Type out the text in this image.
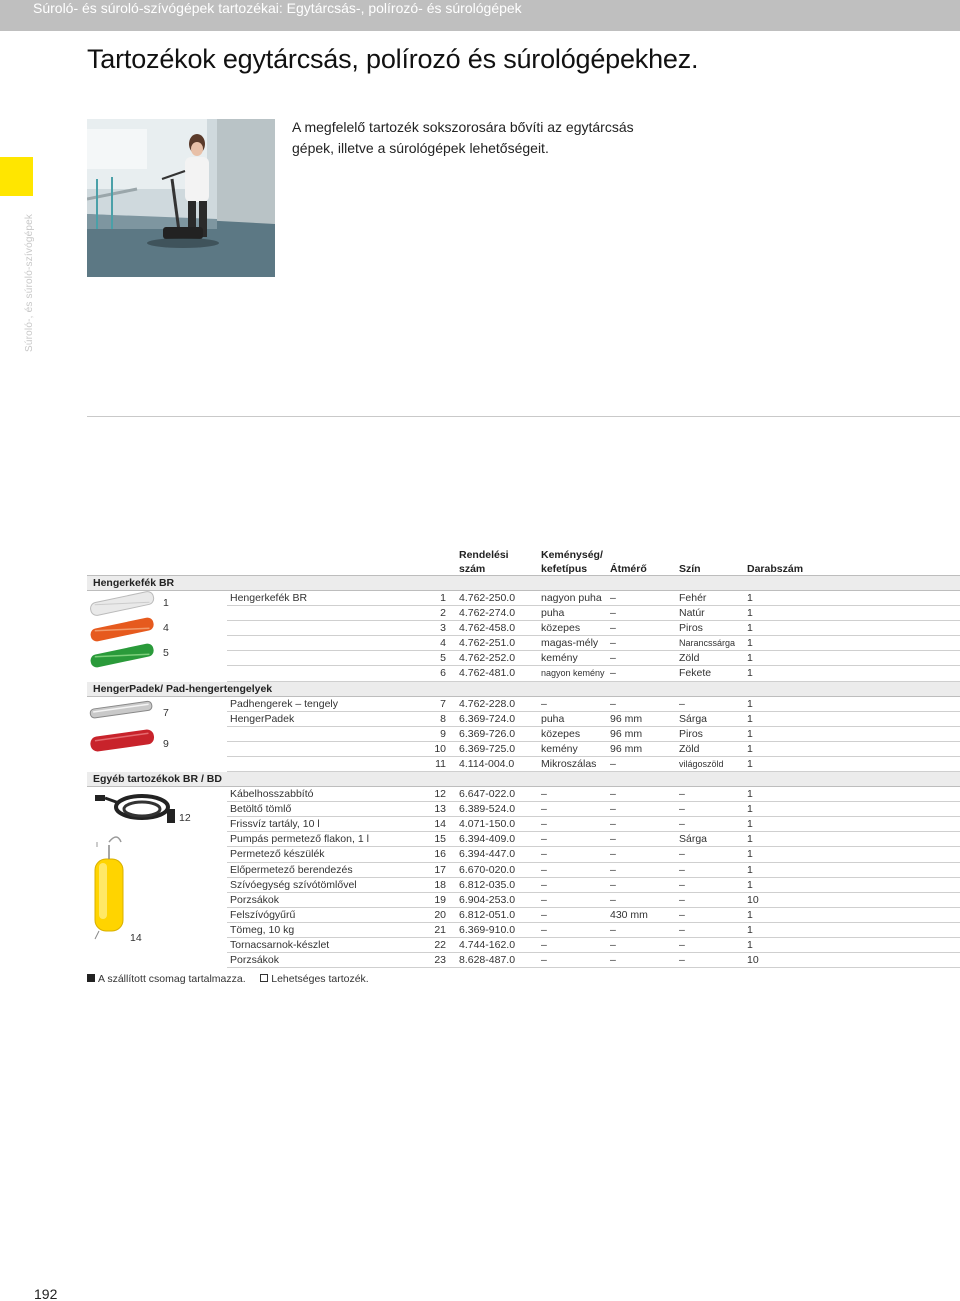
Súroló- és súroló-szívógépek tartozékai: Egytárcsás-, polírozó- és súrológépek
Súroló-, és súroló-szívógépek
Tartozékok egytárcsás, polírozó és súrológépekhez.

A megfelelő tartozék sokszorosára bővíti az egytárcsás gépek, illetve a súrológépek lehetőségeit.

Rendelési
szám
Keménység/
kefetípus	Átmérő	Szín	Darabszám
Hengerkefék BR
1
4
5
Hengerkefék BR	1 4.762-250.0 nagyon puha –	Fehér	1
2 4.762-274.0 puha	–	Natúr	1
3 4.762-458.0 közepes	–	Piros	1
4 4.762-251.0 magas-mély –	Narancssárga 1
5 4.762-252.0 kemény	–	Zöld	1
6 4.762-481.0	nagyon kemény –	Fekete	1
HengerPadek/ Pad-hengertengelyek
7
9
Padhengerek – tengely	7 4.762-228.0 –	–	–	1
HengerPadek	8 6.369-724.0 puha	96 mm	Sárga	1
9 6.369-726.0 közepes	96 mm	Piros	1
10 6.369-725.0 kemény	96 mm	Zöld	1
11 4.114-004.0	Mikroszálas –	világoszöld 1
Egyéb tartozékok BR / BD
12
14
Kábelhosszabbító	12 6.647-022.0 –	–	–	1
Betöltő tömlő	13 6.389-524.0 –	–	–	1
Frissvíz tartály, 10 l	14 4.071-150.0 –	–	–	1
Pumpás permetező flakon, 1 l	15 6.394-409.0 –	–	Sárga	1
Permetező készülék	16 6.394-447.0 –	–	–	1
Előpermetező berendezés	17 6.670-020.0 –	–	–	1
Szívóegység szívótömlővel	18 6.812-035.0 –	–	–	1
Porzsákok	19 6.904-253.0 –	–	–	10
Felszívógyűrű	20 6.812-051.0 –	430 mm	–	1
Tömeg, 10 kg	21 6.369-910.0 –	–	–	1
Tornacsarnok-készlet	22 4.744-162.0 –	–	–	1
Porzsákok	23 8.628-487.0 –	–	–	10
A szállított csomag tartalmazza. Lehetséges tartozék.
192
